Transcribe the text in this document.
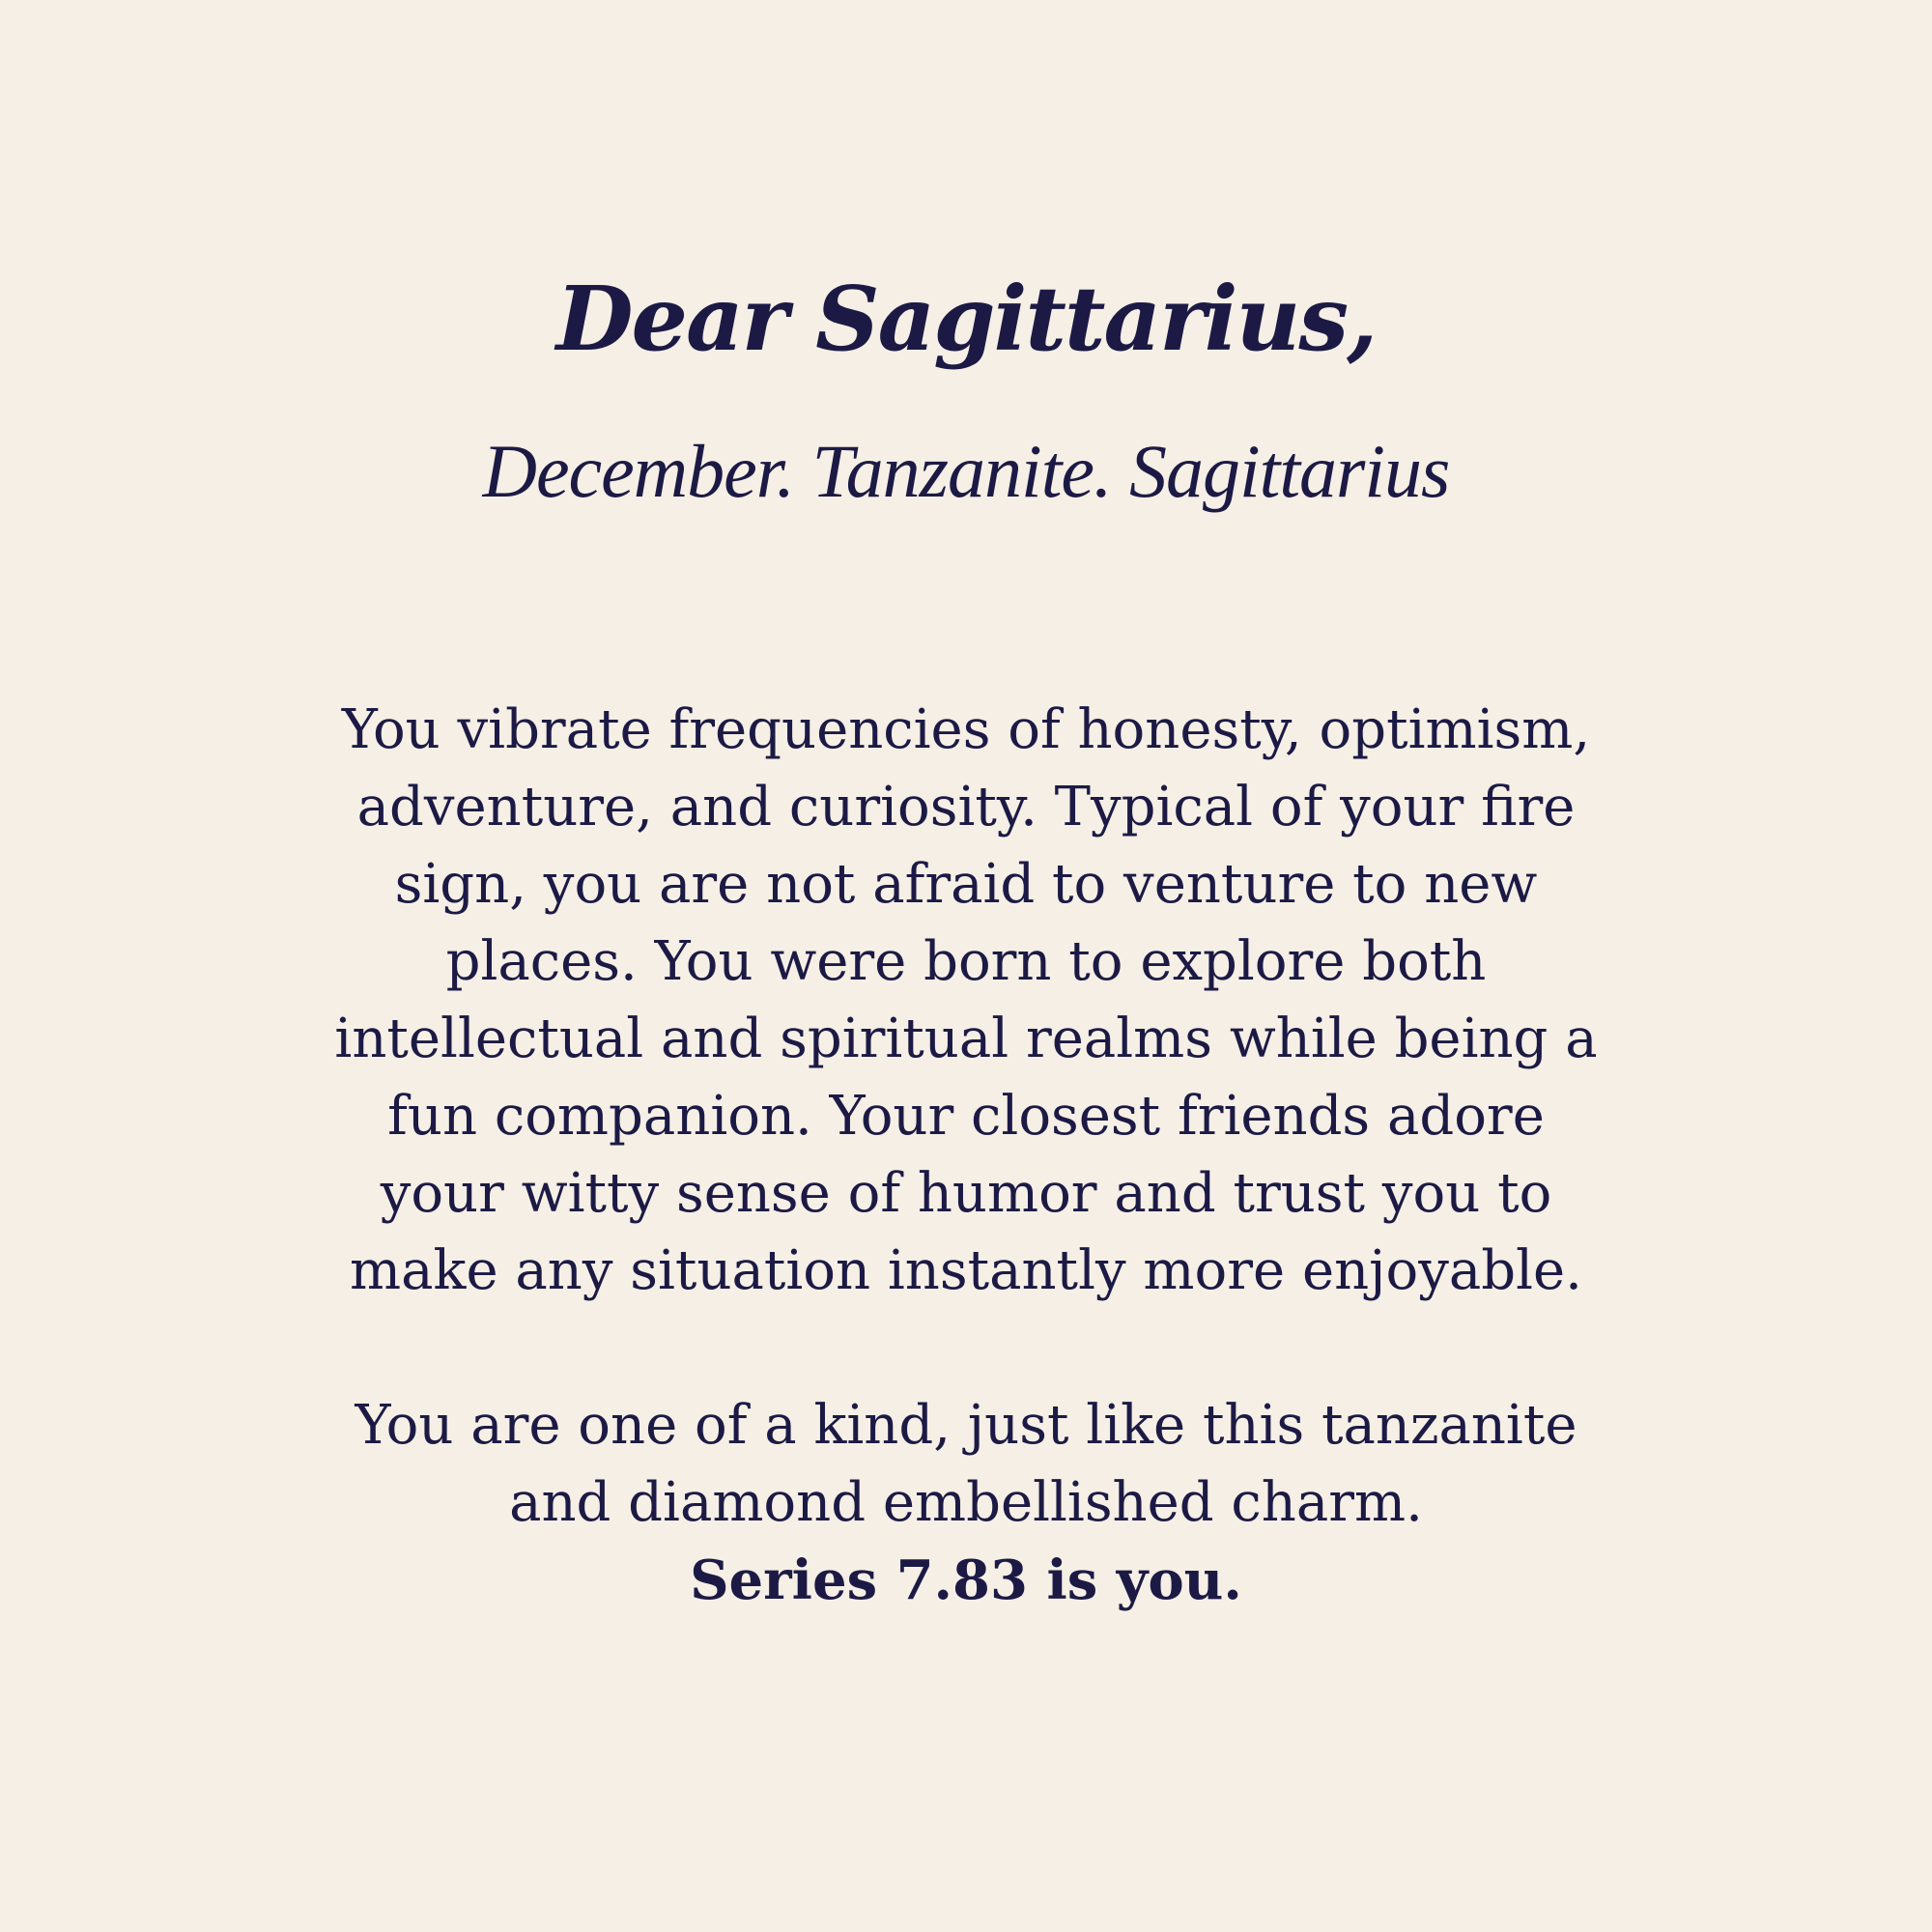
Dear Sagittarius,
December. Tanzanite. Sagittarius

You vibrate frequencies of honesty, optimism,
adventure, and curiosity. Typical of your fire
sign, you are not afraid to venture to new
places. You were born to explore both
intellectual and spiritual realms while being a
fun companion. Your closest friends adore
your witty sense of humor and trust you to
make any situation instantly more enjoyable.

You are one of a kind, just like this tanzanite
and diamond embellished charm.
Series 7.83 is you.
